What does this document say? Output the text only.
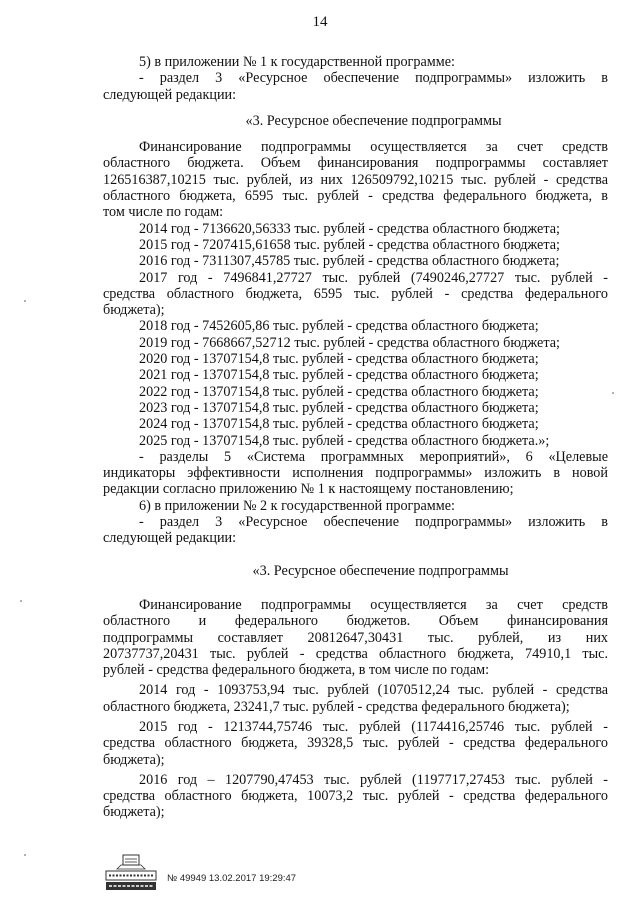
14

5) в приложении № 1 к государственной программе:

- раздел 3 «Ресурсное обеспечение подпрограммы» изложить в

следующей редакции:

«3. Ресурсное обеспечение подпрограммы

Финансирование подпрограммы осуществляется за счет средств

областного бюджета. Объем финансирования подпрограммы составляет

126516387,10215 тыс. рублей, из них 126509792,10215 тыс. рублей - средства

областного бюджета, 6595 тыс. рублей - средства федерального бюджета, в

том числе по годам:

2014 год - 7136620,56333 тыс. рублей - средства областного бюджета;

2015 год - 7207415,61658 тыс. рублей - средства областного бюджета;

2016 год - 7311307,45785 тыс. рублей - средства областного бюджета;

2017 год - 7496841,27727 тыс. рублей (7490246,27727 тыс. рублей -

средства областного бюджета, 6595 тыс. рублей - средства федерального

бюджета);

2018 год - 7452605,86 тыс. рублей - средства областного бюджета;

2019 год - 7668667,52712 тыс. рублей - средства областного бюджета;

2020 год - 13707154,8 тыс. рублей - средства областного бюджета;

2021 год - 13707154,8 тыс. рублей - средства областного бюджета;

2022 год - 13707154,8 тыс. рублей - средства областного бюджета;

2023 год - 13707154,8 тыс. рублей - средства областного бюджета;

2024 год - 13707154,8 тыс. рублей - средства областного бюджета;

2025 год - 13707154,8 тыс. рублей - средства областного бюджета.»;

- разделы 5 «Система программных мероприятий», 6 «Целевые

индикаторы эффективности исполнения подпрограммы» изложить в новой

редакции согласно приложению № 1 к настоящему постановлению;

6) в приложении № 2 к государственной программе:

- раздел 3 «Ресурсное обеспечение подпрограммы» изложить в

следующей редакции:

«3. Ресурсное обеспечение подпрограммы

Финансирование подпрограммы осуществляется за счет средств

областного и федерального бюджетов. Объем финансирования

подпрограммы составляет 20812647,30431 тыс. рублей, из них

20737737,20431 тыс. рублей - средства областного бюджета, 74910,1 тыс.

рублей - средства федерального бюджета, в том числе по годам:

2014 год - 1093753,94 тыс. рублей (1070512,24 тыс. рублей - средства

областного бюджета, 23241,7 тыс. рублей - средства федерального бюджета);

2015 год - 1213744,75746 тыс. рублей (1174416,25746 тыс. рублей -

средства областного бюджета, 39328,5 тыс. рублей - средства федерального

бюджета);

2016 год – 1207790,47453 тыс. рублей (1197717,27453 тыс. рублей -

средства областного бюджета, 10073,2 тыс. рублей - средства федерального

бюджета);

№ 49949 13.02.2017 19:29:47
